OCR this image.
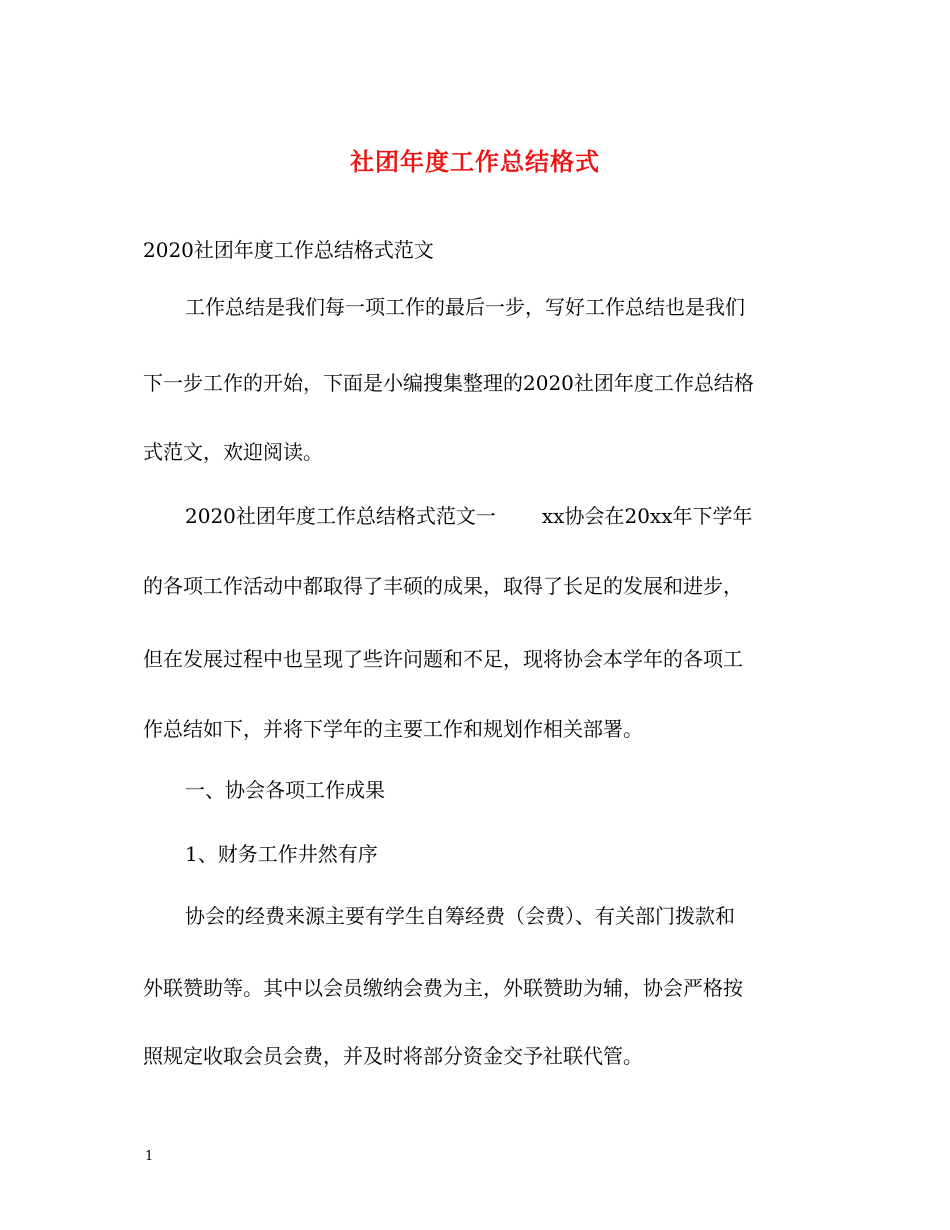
社团年度工作总结格式
2020社团年度工作总结格式范文
工作总结是我们每一项工作的最后一步，写好工作总结也是我们
下一步工作的开始，下面是小编搜集整理的2020社团年度工作总结格
式范文，欢迎阅读。
2020社团年度工作总结格式范文一 xx协会在20xx年下学年
的各项工作活动中都取得了丰硕的成果，取得了长足的发展和进步，
但在发展过程中也呈现了些许问题和不足，现将协会本学年的各项工
作总结如下，并将下学年的主要工作和规划作相关部署。
一、协会各项工作成果
1、财务工作井然有序
协会的经费来源主要有学生自筹经费（会费）、有关部门拨款和
外联赞助等。其中以会员缴纳会费为主，外联赞助为辅，协会严格按
照规定收取会员会费，并及时将部分资金交予社联代管。
1
